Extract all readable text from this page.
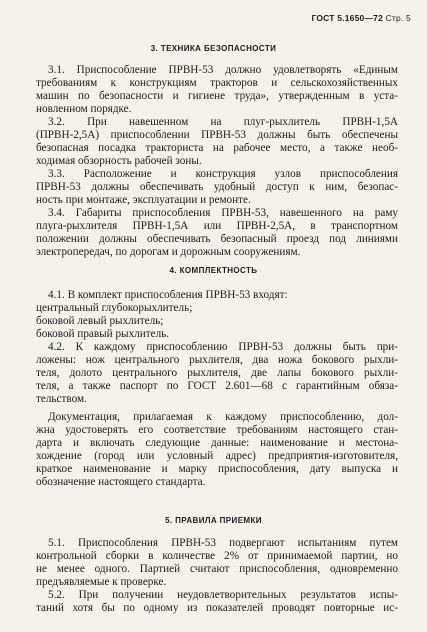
ГОСТ 5.1650—72 Стр. 5
3. ТЕХНИКА БЕЗОПАСНОСТИ
3.1. Приспособление ПРВН-53 должно удовлетворять «Единым
требованиям к конструкциям тракторов и сельскохозяйственных
машин по безопасности и гигиене труда», утвержденным в уста-
новленном порядке.
3.2. При навешенном на плуг-рыхлитель ПРВН-1,5А
(ПРВН-2,5А) приспособлении ПРВН-53 должны быть обеспечены
безопасная посадка тракториста на рабочее место, а также необ-
ходимая обзорность рабочей зоны.
3.3. Расположение и конструкция узлов приспособления
ПРВН-53 должны обеспечивать удобный доступ к ним, безопас-
ность при монтаже, эксплуатации и ремонте.
3.4. Габариты приспособления ПРВН-53, навешенного на раму
плуга-рыхлителя ПРВН-1,5А или ПРВН-2,5А, в транспортном
положении должны обеспечивать безопасный проезд под линиями
электропередач, по дорогам и дорожным сооружениям.
4. КОМПЛЕКТНОСТЬ
4.1. В комплект приспособления ПРВН-53 входят:
центральный глубокорыхлитель;
боковой левый рыхлитель;
боковой правый рыхлитель.
4.2. К каждому приспособлению ПРВН-53 должны быть при-
ложены: нож центрального рыхлителя, два ножа бокового рыхли-
теля, долото центрального рыхлителя, две лапы бокового рыхли-
теля, а также паспорт по ГОСТ 2.601—68 с гарантийным обяза-
тельством.
Документация, прилагаемая к каждому приспособлению, дол-
жна удостоверять его соответствие требованиям настоящего стан-
дарта и включать следующие данные: наименование и местона-
хождение (город или условный адрес) предприятия-изготовителя,
краткое наименование и марку приспособления, дату выпуска и
обозначение настоящего стандарта.
5. ПРАВИЛА ПРИЕМКИ
5.1. Приспособления ПРВН-53 подвергают испытаниям путем
контрольной сборки в количестве 2% от принимаемой партии, но
не менее одного. Партией считают приспособления, одновременно
предъявляемые к проверке.
5.2. При получении неудовлетворительных результатов испы-
таний хотя бы по одному из показателей проводят повторные ис-
